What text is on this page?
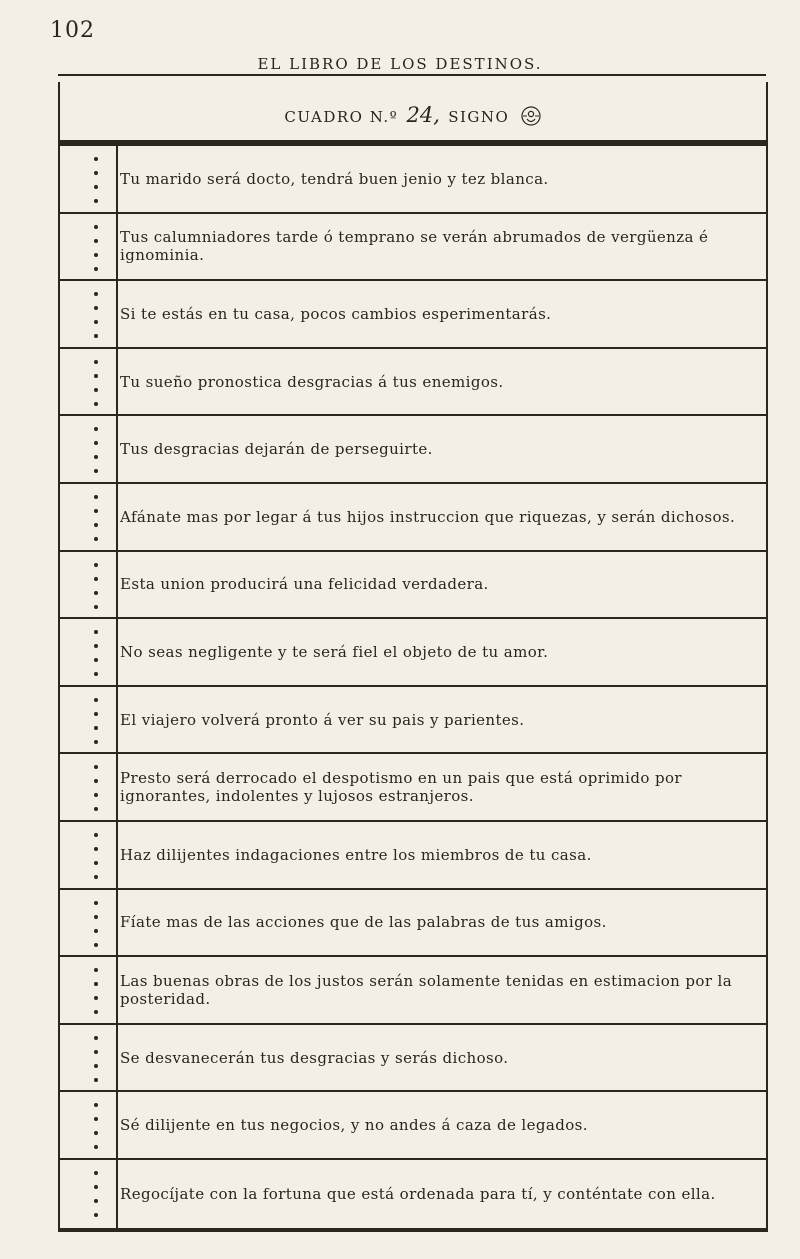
102
EL LIBRO DE LOS DESTINOS.
CUADRO N.º 24, SIGNO
Tu marido será docto, tendrá buen jenio y tez blanca.
Tus calumniadores tarde ó temprano se verán abrumados de vergüenza é ignominia.
Si te estás en tu casa, pocos cambios esperimentarás.
Tu sueño pronostica desgracias á tus enemigos.
Tus desgracias dejarán de perseguirte.
Afánate mas por legar á tus hijos instruccion que riquezas, y serán dichosos.
Esta union producirá una felicidad verdadera.
No seas negligente y te será fiel el objeto de tu amor.
El viajero volverá pronto á ver su pais y parientes.
Presto será derrocado el despotismo en un pais que está oprimido por ignorantes, indolentes y lujosos estranjeros.
Haz dilijentes indagaciones entre los miembros de tu casa.
Fíate mas de las acciones que de las palabras de tus amigos.
Las buenas obras de los justos serán solamente tenidas en estimacion por la posteridad.
Se desvanecerán tus desgracias y serás dichoso.
Sé dilijente en tus negocios, y no andes á caza de legados.
Regocíjate con la fortuna que está ordenada para tí, y conténtate con ella.
